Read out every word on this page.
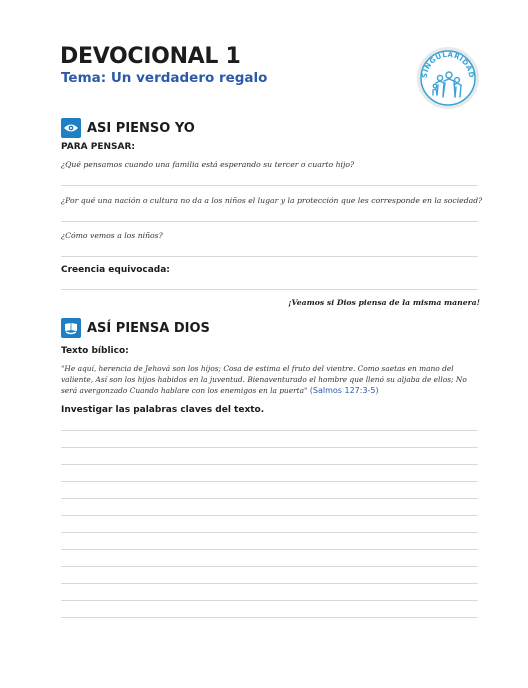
DEVOCIONAL 1
Tema: Un verdadero regalo	SINGULARIDAD
ASI PIENSO YO
PARA PENSAR:
¿Qué pensamos cuando una familia está esperando su tercer o cuarto hijo?
¿Por qué una nación o cultura no da a los niños el lugar y la protección que les corresponde en la sociedad?
¿Cómo vemos a los niños?
Creencia equivocada:
¡Veamos si Dios piensa de la misma manera!
ASÍ PIENSA DIOS
Texto bíblico:
"He aquí, herencia de Jehová son los hijos; Cosa de estima el fruto del vientre. Como saetas en mano del valiente, Así son los hijos habidos en la juventud. Bienaventurado el hombre que llenó su aljaba de ellos; No será avergonzado Cuando hablare con los enemigos en la puerta" (Salmos 127:3-5)
Investigar las palabras claves del texto.
